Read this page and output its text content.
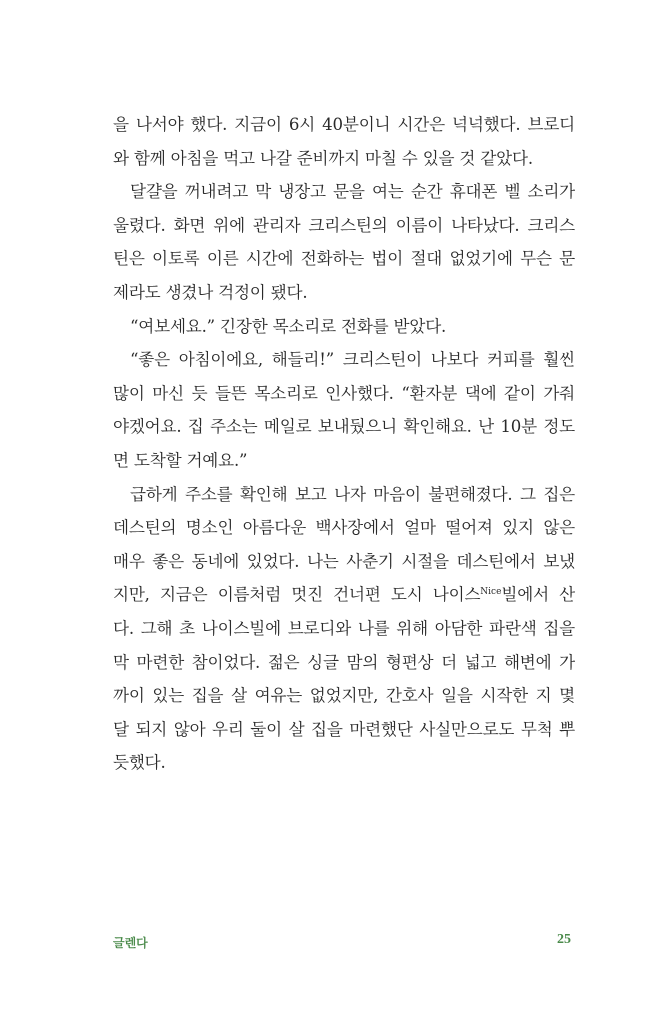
을 나서야 했다. 지금이 6시 40분이니 시간은 넉넉했다. 브로디
와 함께 아침을 먹고 나갈 준비까지 마칠 수 있을 것 같았다.
달걀을 꺼내려고 막 냉장고 문을 여는 순간 휴대폰 벨 소리가
울렸다. 화면 위에 관리자 크리스틴의 이름이 나타났다. 크리스
틴은 이토록 이른 시간에 전화하는 법이 절대 없었기에 무슨 문
제라도 생겼나 걱정이 됐다.
“여보세요.” 긴장한 목소리로 전화를 받았다.
“좋은 아침이에요, 해들리!” 크리스틴이 나보다 커피를 훨씬
많이 마신 듯 들뜬 목소리로 인사했다. “환자분 댁에 같이 가줘
야겠어요. 집 주소는 메일로 보내뒀으니 확인해요. 난 10분 정도
면 도착할 거예요.”
급하게 주소를 확인해 보고 나자 마음이 불편해졌다. 그 집은
데스틴의 명소인 아름다운 백사장에서 얼마 떨어져 있지 않은
매우 좋은 동네에 있었다. 나는 사춘기 시절을 데스틴에서 보냈
지만, 지금은 이름처럼 멋진 건너편 도시 나이스$^{Nice}$빌에서 산
다. 그해 초 나이스빌에 브로디와 나를 위해 아담한 파란색 집을
막 마련한 참이었다. 젊은 싱글 맘의 형편상 더 넓고 해변에 가
까이 있는 집을 살 여유는 없었지만, 간호사 일을 시작한 지 몇
달 되지 않아 우리 둘이 살 집을 마련했단 사실만으로도 무척 뿌
듯했다.
글렌다	25
